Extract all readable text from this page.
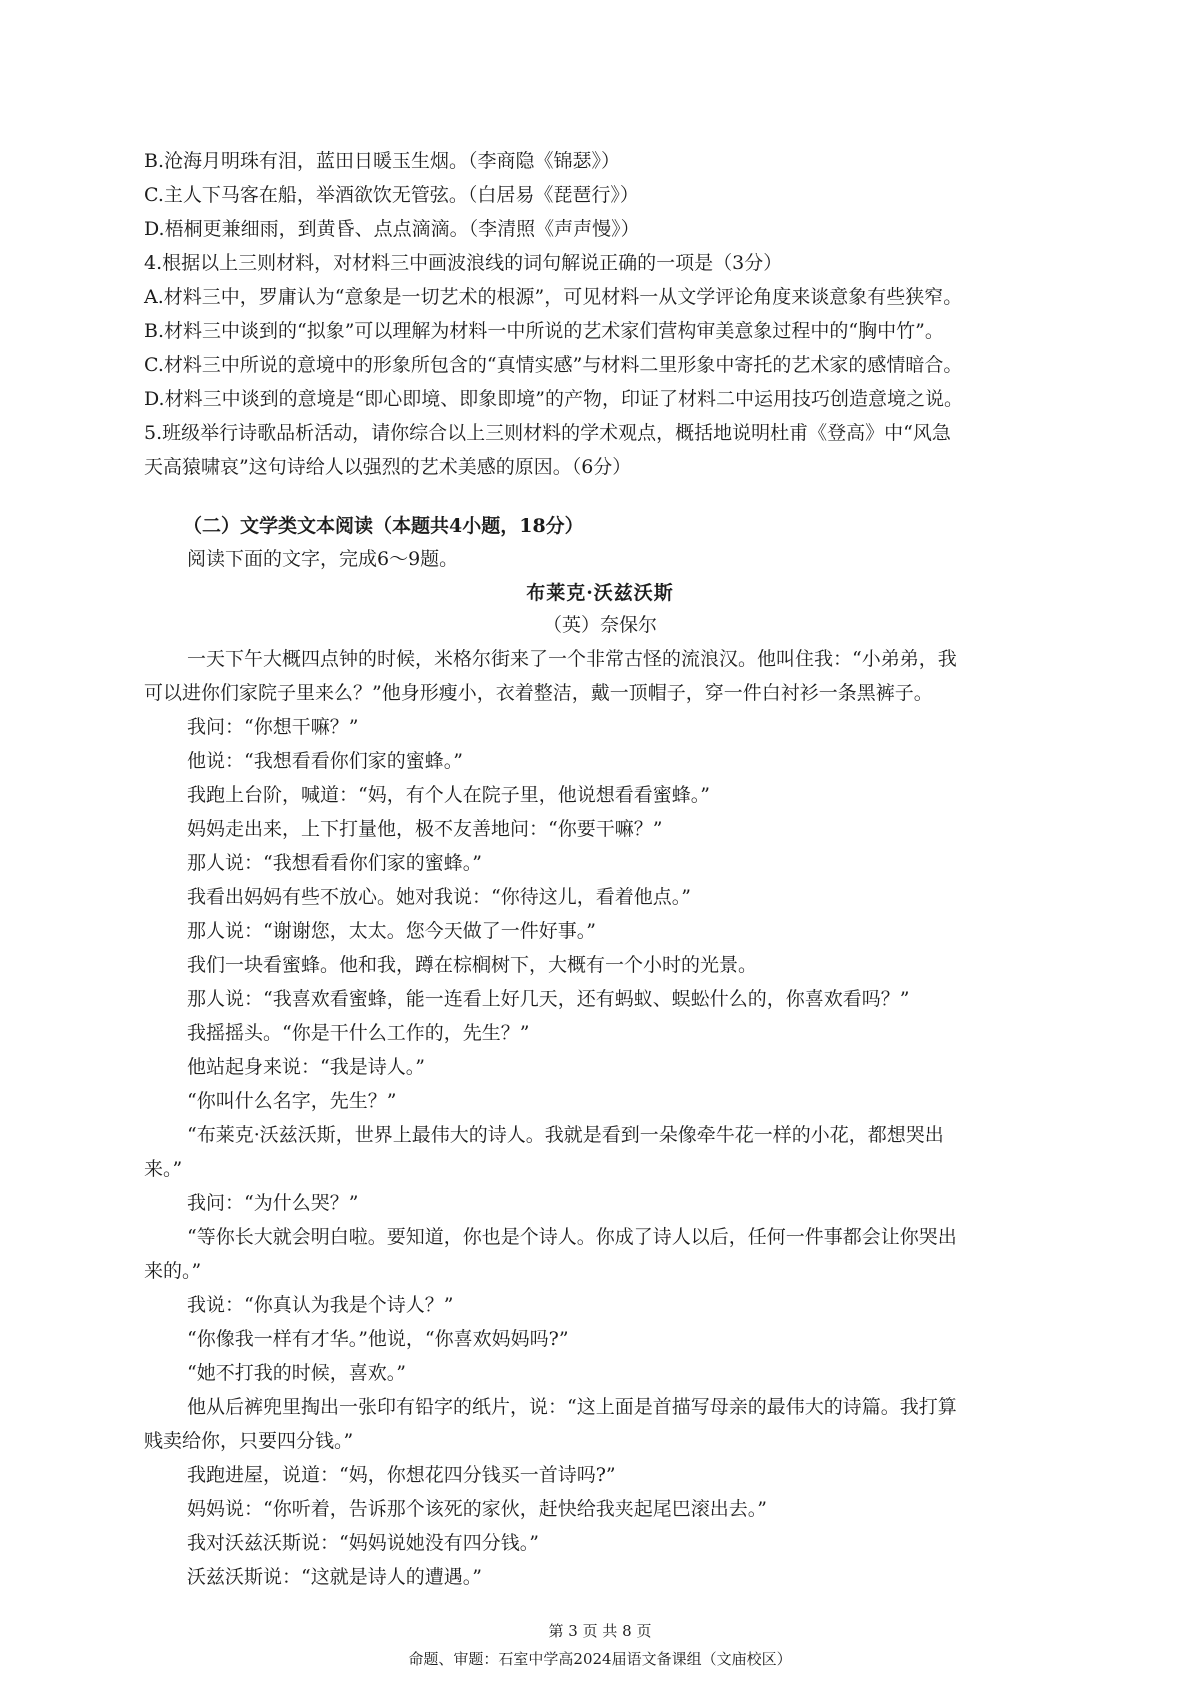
B.沧海月明珠有泪，蓝田日暖玉生烟。（李商隐《锦瑟》）

C.主人下马客在船，举酒欲饮无管弦。（白居易《琵琶行》）

D.梧桐更兼细雨，到黄昏、点点滴滴。（李清照《声声慢》）

4.根据以上三则材料，对材料三中画波浪线的词句解说正确的一项是（3分）

A.材料三中，罗庸认为“意象是一切艺术的根源”，可见材料一从文学评论角度来谈意象有些狭窄。

B.材料三中谈到的“拟象”可以理解为材料一中所说的艺术家们营构审美意象过程中的“胸中竹”。

C.材料三中所说的意境中的形象所包含的“真情实感”与材料二里形象中寄托的艺术家的感情暗合。

D.材料三中谈到的意境是“即心即境、即象即境”的产物，印证了材料二中运用技巧创造意境之说。

5.班级举行诗歌品析活动，请你综合以上三则材料的学术观点，概括地说明杜甫《登高》中“风急

天高猿啸哀”这句诗给人以强烈的艺术美感的原因。（6分）

（二）文学类文本阅读（本题共4小题，18分）

阅读下面的文字，完成6～9题。

布莱克·沃兹沃斯

（英）奈保尔

一天下午大概四点钟的时候，米格尔街来了一个非常古怪的流浪汉。他叫住我：“小弟弟，我

可以进你们家院子里来么？”他身形瘦小，衣着整洁，戴一顶帽子，穿一件白衬衫一条黑裤子。

我问：“你想干嘛？”

他说：“我想看看你们家的蜜蜂。”

我跑上台阶，喊道：“妈，有个人在院子里，他说想看看蜜蜂。”

妈妈走出来，上下打量他，极不友善地问：“你要干嘛？”

那人说：“我想看看你们家的蜜蜂。”

我看出妈妈有些不放心。她对我说：“你待这儿，看着他点。”

那人说：“谢谢您，太太。您今天做了一件好事。”

我们一块看蜜蜂。他和我，蹲在棕榈树下，大概有一个小时的光景。

那人说：“我喜欢看蜜蜂，能一连看上好几天，还有蚂蚁、蜈蚣什么的，你喜欢看吗？”

我摇摇头。“你是干什么工作的，先生？”

他站起身来说：“我是诗人。”

“你叫什么名字，先生？”

“布莱克·沃兹沃斯，世界上最伟大的诗人。我就是看到一朵像牵牛花一样的小花，都想哭出

来。”

我问：“为什么哭？”

“等你长大就会明白啦。要知道，你也是个诗人。你成了诗人以后，任何一件事都会让你哭出

来的。”

我说：“你真认为我是个诗人？”

“你像我一样有才华。”他说，“你喜欢妈妈吗?”

“她不打我的时候，喜欢。”

他从后裤兜里掏出一张印有铅字的纸片，说：“这上面是首描写母亲的最伟大的诗篇。我打算

贱卖给你，只要四分钱。”

我跑进屋，说道：“妈，你想花四分钱买一首诗吗?”

妈妈说：“你听着，告诉那个该死的家伙，赶快给我夹起尾巴滚出去。”

我对沃兹沃斯说：“妈妈说她没有四分钱。”

沃兹沃斯说：“这就是诗人的遭遇。”

第 3 页 共 8 页

命题、审题：石室中学高2024届语文备课组（文庙校区）
